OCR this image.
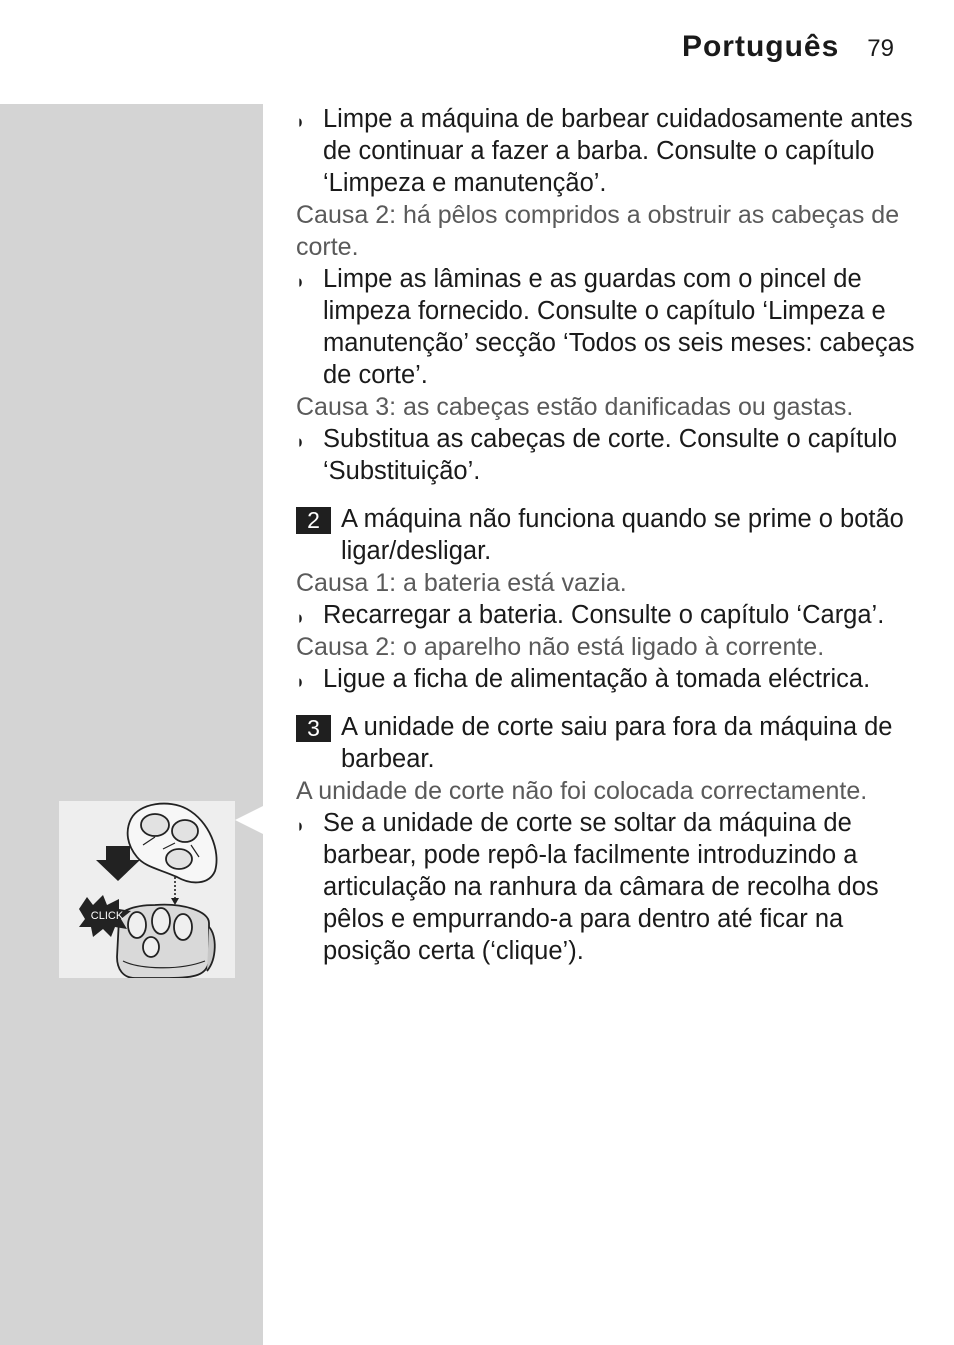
Português 79
◗ Limpe a máquina de barbear cuidadosamente antes de continuar a fazer a barba. Consulte o capítulo ‘Limpeza e manutenção’.
Causa 2: há pêlos compridos a obstruir as cabeças de corte.
◗ Limpe as lâminas e as guardas com o pincel de limpeza fornecido. Consulte o capítulo ‘Limpeza e manutenção’ secção ‘Todos os seis meses: cabeças de corte’.
Causa 3: as cabeças estão danificadas ou gastas.
◗ Substitua as cabeças de corte. Consulte o capítulo ‘Substituição’.
2 A máquina não funciona quando se prime o botão ligar/desligar.
Causa 1: a bateria está vazia.
◗ Recarregar a bateria. Consulte o capítulo ‘Carga’.
Causa 2: o aparelho não está ligado à corrente.
◗ Ligue a ficha de alimentação à tomada eléctrica.
3 A unidade de corte saiu para fora da máquina de barbear.
A unidade de corte não foi colocada correctamente.
◗ Se a unidade de corte se soltar da máquina de barbear, pode repô-la facilmente introduzindo a articulação na ranhura da câmara de recolha dos pêlos e empurrando-a para dentro até ficar na posição certa (‘clique’).
CLICK
